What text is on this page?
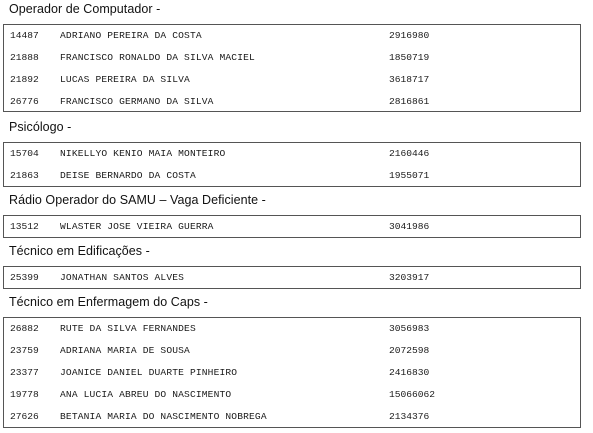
Operador de Computador -
14487 ADRIANO PEREIRA DA COSTA	2916980
21888 FRANCISCO RONALDO DA SILVA MACIEL	1850719
21892 LUCAS PEREIRA DA SILVA	3618717
26776 FRANCISCO GERMANO DA SILVA	2816861
Psicólogo -
15704 NIKELLYO KENIO MAIA MONTEIRO	2160446
21863 DEISE BERNARDO DA COSTA	1955071
Rádio Operador do SAMU – Vaga Deficiente -
13512 WLASTER JOSE VIEIRA GUERRA	3041986
Técnico em Edificações -
25399 JONATHAN SANTOS ALVES	3203917
Técnico em Enfermagem do Caps -
26882 RUTE DA SILVA FERNANDES	3056983
23759 ADRIANA MARIA DE SOUSA	2072598
23377 JOANICE DANIEL DUARTE PINHEIRO	2416830
19778 ANA LUCIA ABREU DO NASCIMENTO	15066062
27626 BETANIA MARIA DO NASCIMENTO NOBREGA	2134376
